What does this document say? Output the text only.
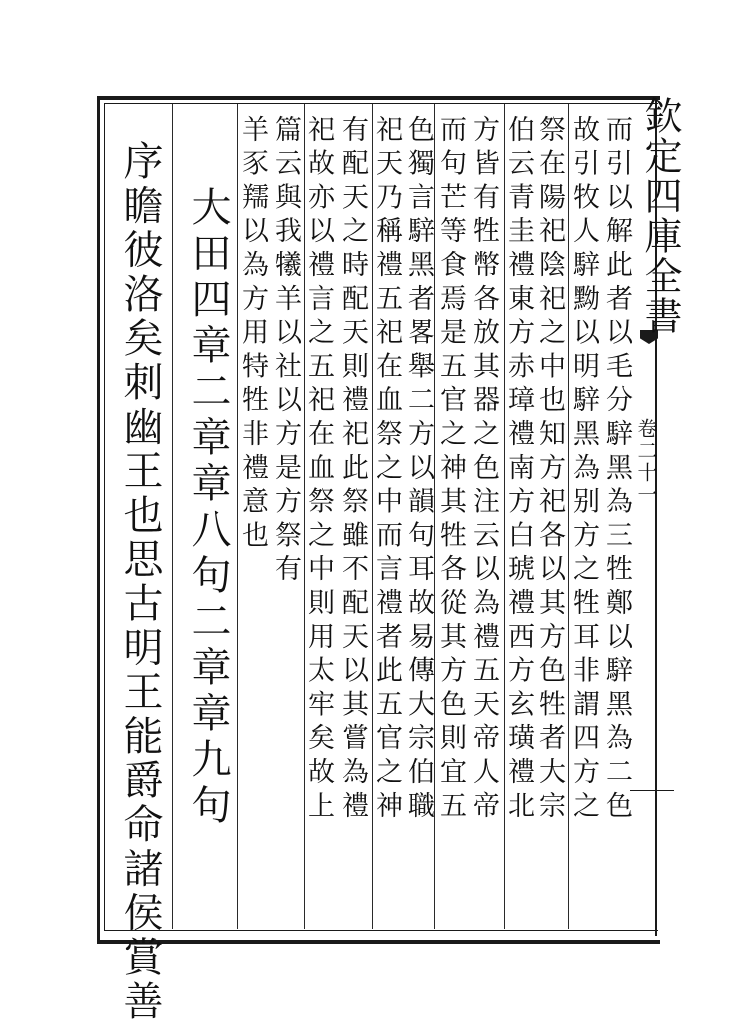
欽定四庫全書
卷二十一
而引以解此者以毛分騂黑為三牲鄭以騂黑為二色
故引牧人騂黝以明騂黑為别方之牲耳非謂四方之
祭在陽祀陰祀之中也知方祀各以其方色牲者大宗
伯云青圭禮東方赤璋禮南方白琥禮西方玄璜禮北
方皆有牲幣各放其器之色注云以為禮五天帝人帝
而句芒等食焉是五官之神其牲各從其方色則宜五
色獨言騂黑者畧舉二方以韻句耳故易傳大宗伯職
祀天乃稱禮五祀在血祭之中而言禮者此五官之神
有配天之時配天則禮祀此祭雖不配天以其嘗為禮
祀故亦以禮言之五祀在血祭之中則用太牢矣故上
篇云與我犧羊以社以方是方祭有
羊豕羺以為方用特牲非禮意也
大田四章二章章八句二章章九句
序瞻彼洛矣刺幽王也思古明王能爵命諸侯賞善
